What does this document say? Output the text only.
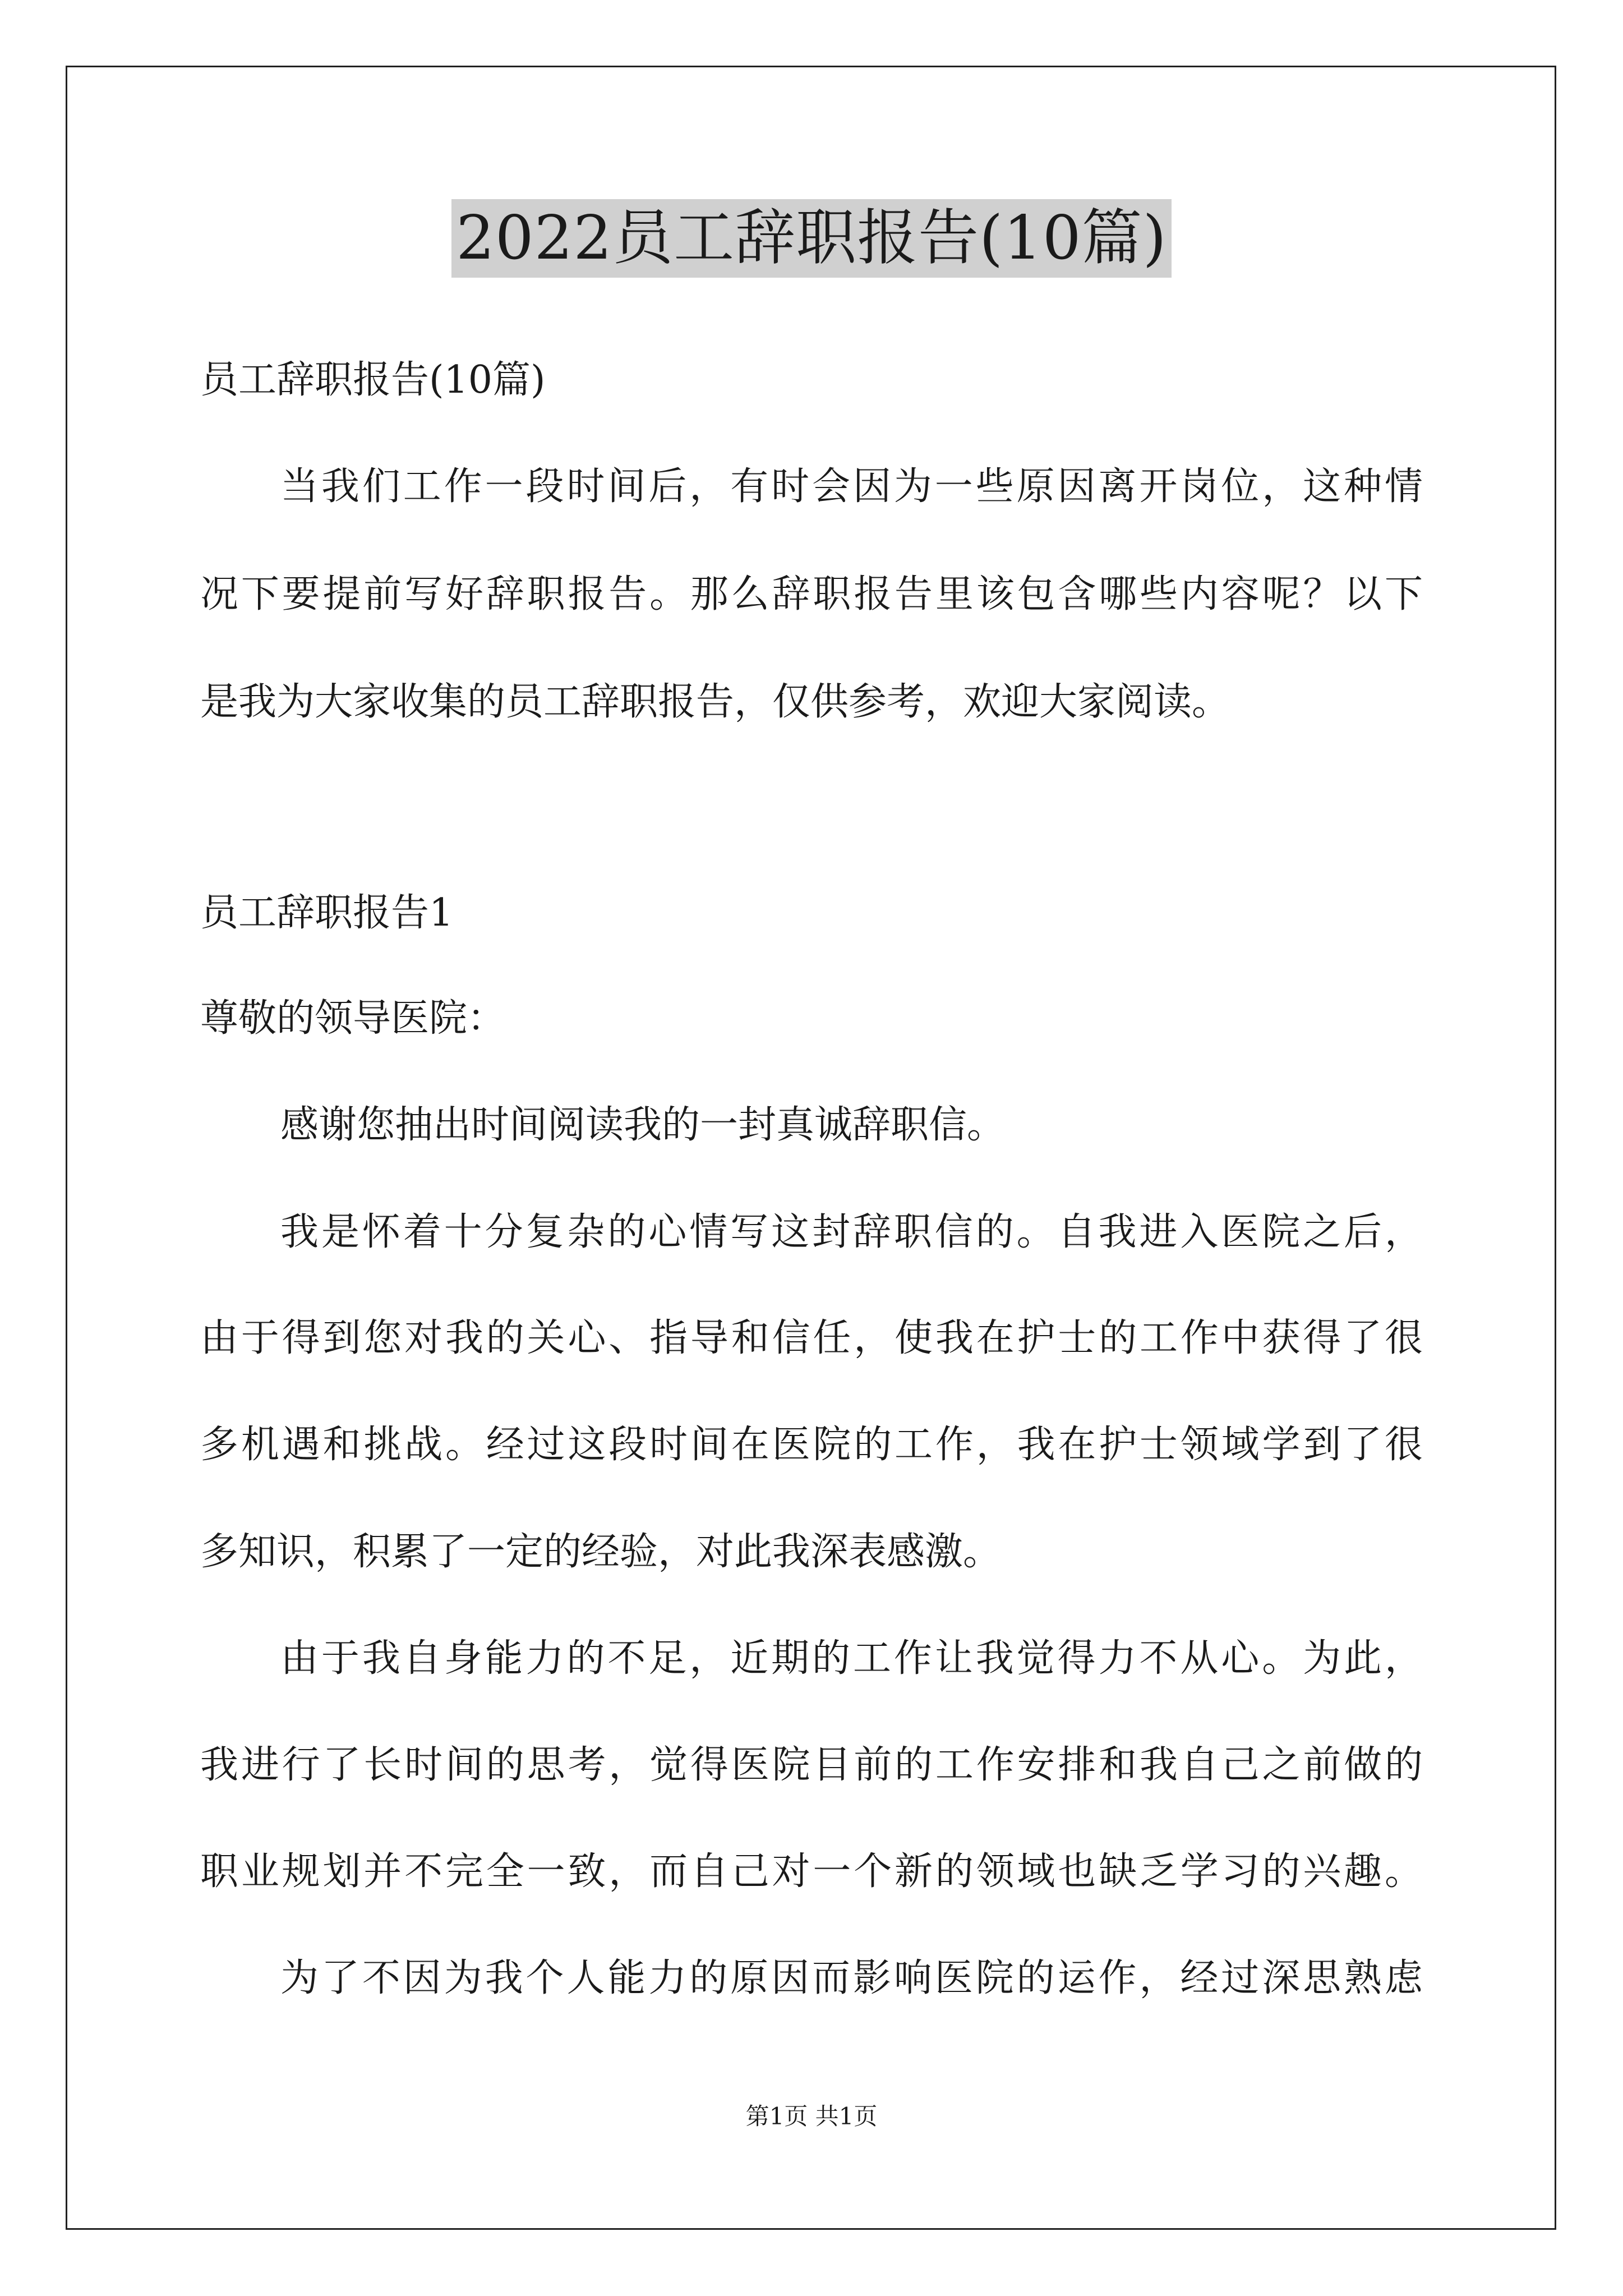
2022员工辞职报告(10篇)
员工辞职报告(10篇)
当我们工作一段时间后，有时会因为一些原因离开岗位，这种情
况下要提前写好辞职报告。那么辞职报告里该包含哪些内容呢？以下
是我为大家收集的员工辞职报告，仅供参考，欢迎大家阅读。
员工辞职报告1
尊敬的领导医院：
感谢您抽出时间阅读我的一封真诚辞职信。
我是怀着十分复杂的心情写这封辞职信的。自我进入医院之后，
由于得到您对我的关心、指导和信任，使我在护士的工作中获得了很
多机遇和挑战。经过这段时间在医院的工作，我在护士领域学到了很
多知识，积累了一定的经验，对此我深表感激。
由于我自身能力的不足，近期的工作让我觉得力不从心。为此，
我进行了长时间的思考，觉得医院目前的工作安排和我自己之前做的
职业规划并不完全一致，而自己对一个新的领域也缺乏学习的兴趣。
为了不因为我个人能力的原因而影响医院的运作，经过深思熟虑
第1页 共1页
